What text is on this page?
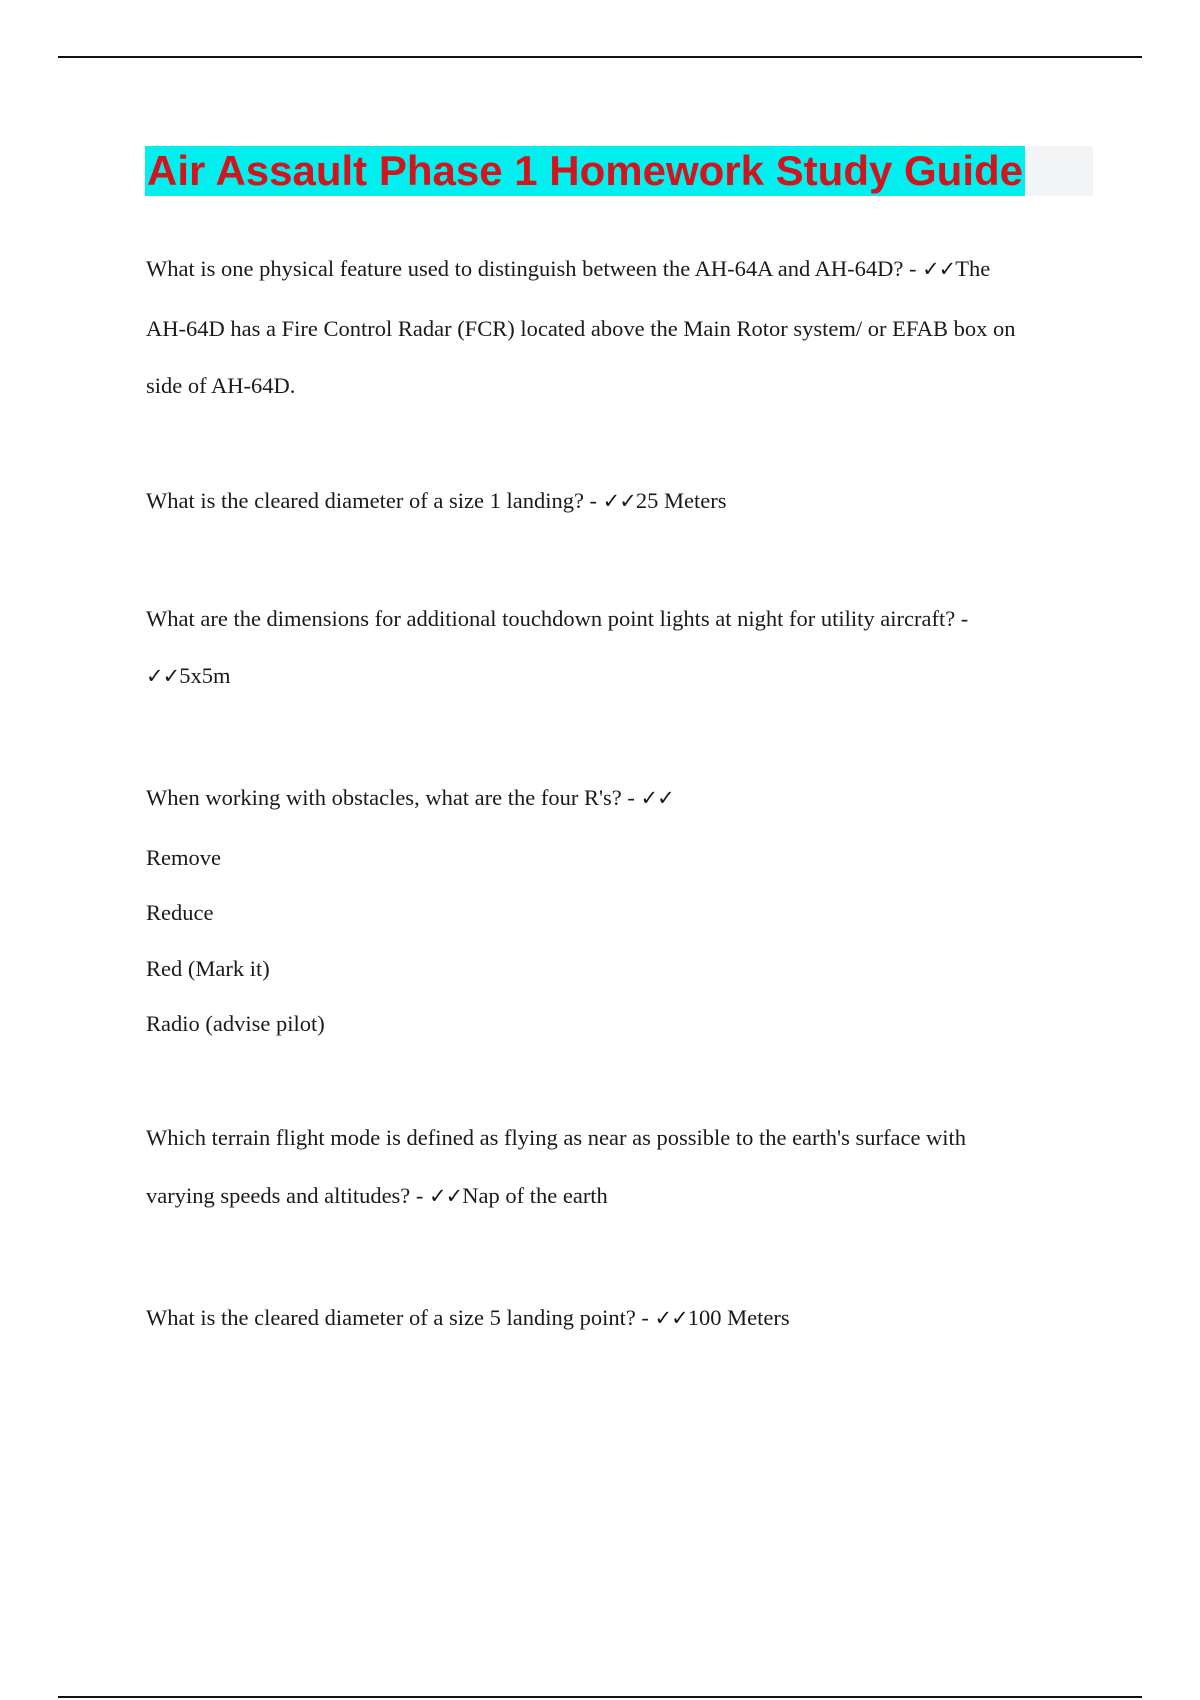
Air Assault Phase 1 Homework Study Guide
What is one physical feature used to distinguish between the AH-64A and AH-64D? - ✓✓The
AH-64D has a Fire Control Radar (FCR) located above the Main Rotor system/ or EFAB box on
side of AH-64D.
What is the cleared diameter of a size 1 landing? - ✓✓25 Meters
What are the dimensions for additional touchdown point lights at night for utility aircraft? -
✓✓5x5m
When working with obstacles, what are the four R's? - ✓✓
Remove
Reduce
Red (Mark it)
Radio (advise pilot)
Which terrain flight mode is defined as flying as near as possible to the earth's surface with
varying speeds and altitudes? - ✓✓Nap of the earth
What is the cleared diameter of a size 5 landing point? - ✓✓100 Meters
